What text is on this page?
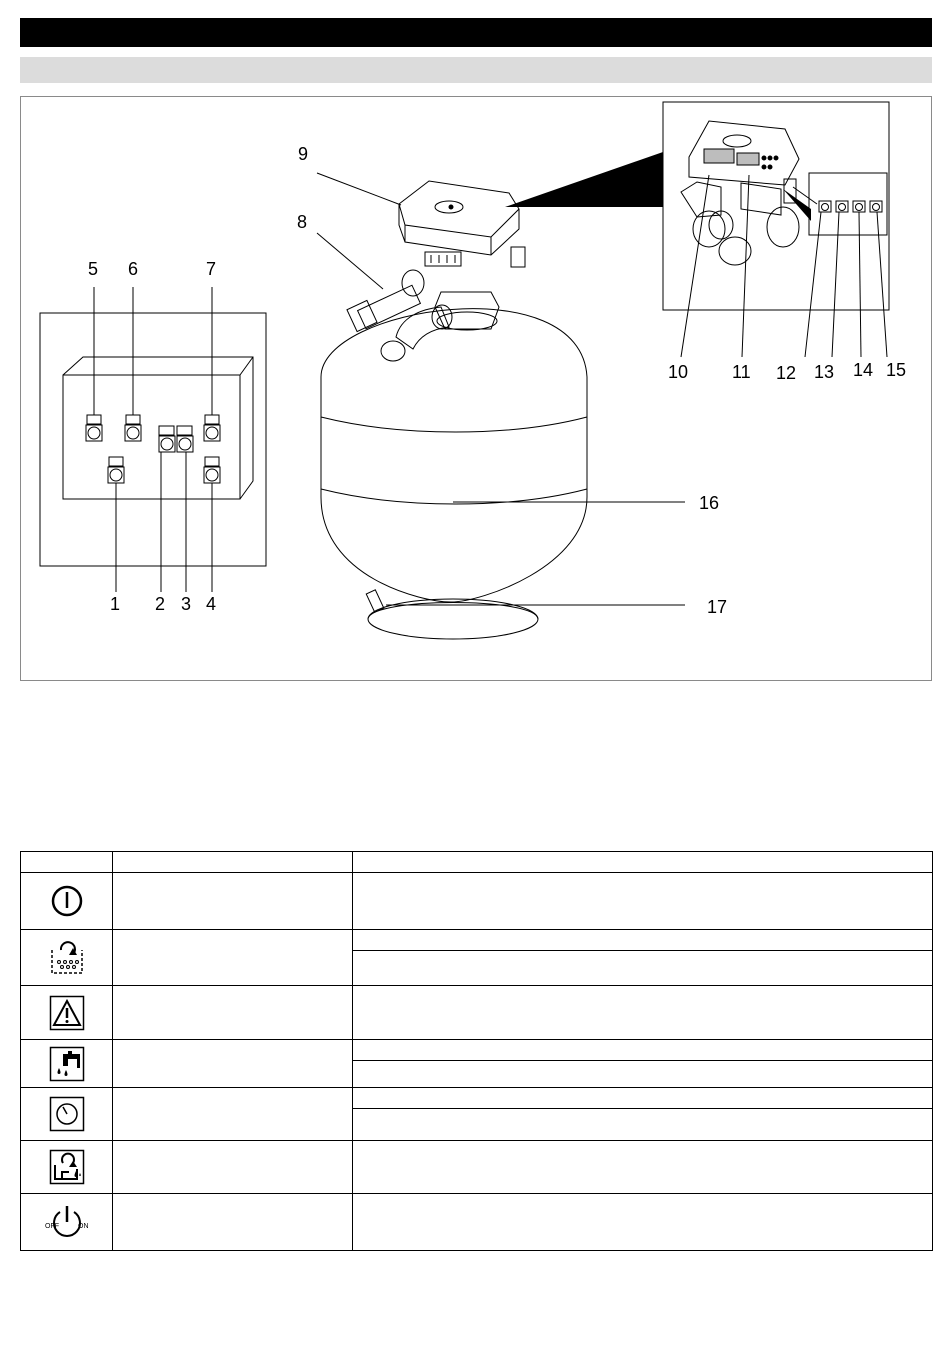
5 6	7
1 2 3 4
8
9
10 11 12 13 14 15
16
17

OFF ON		
